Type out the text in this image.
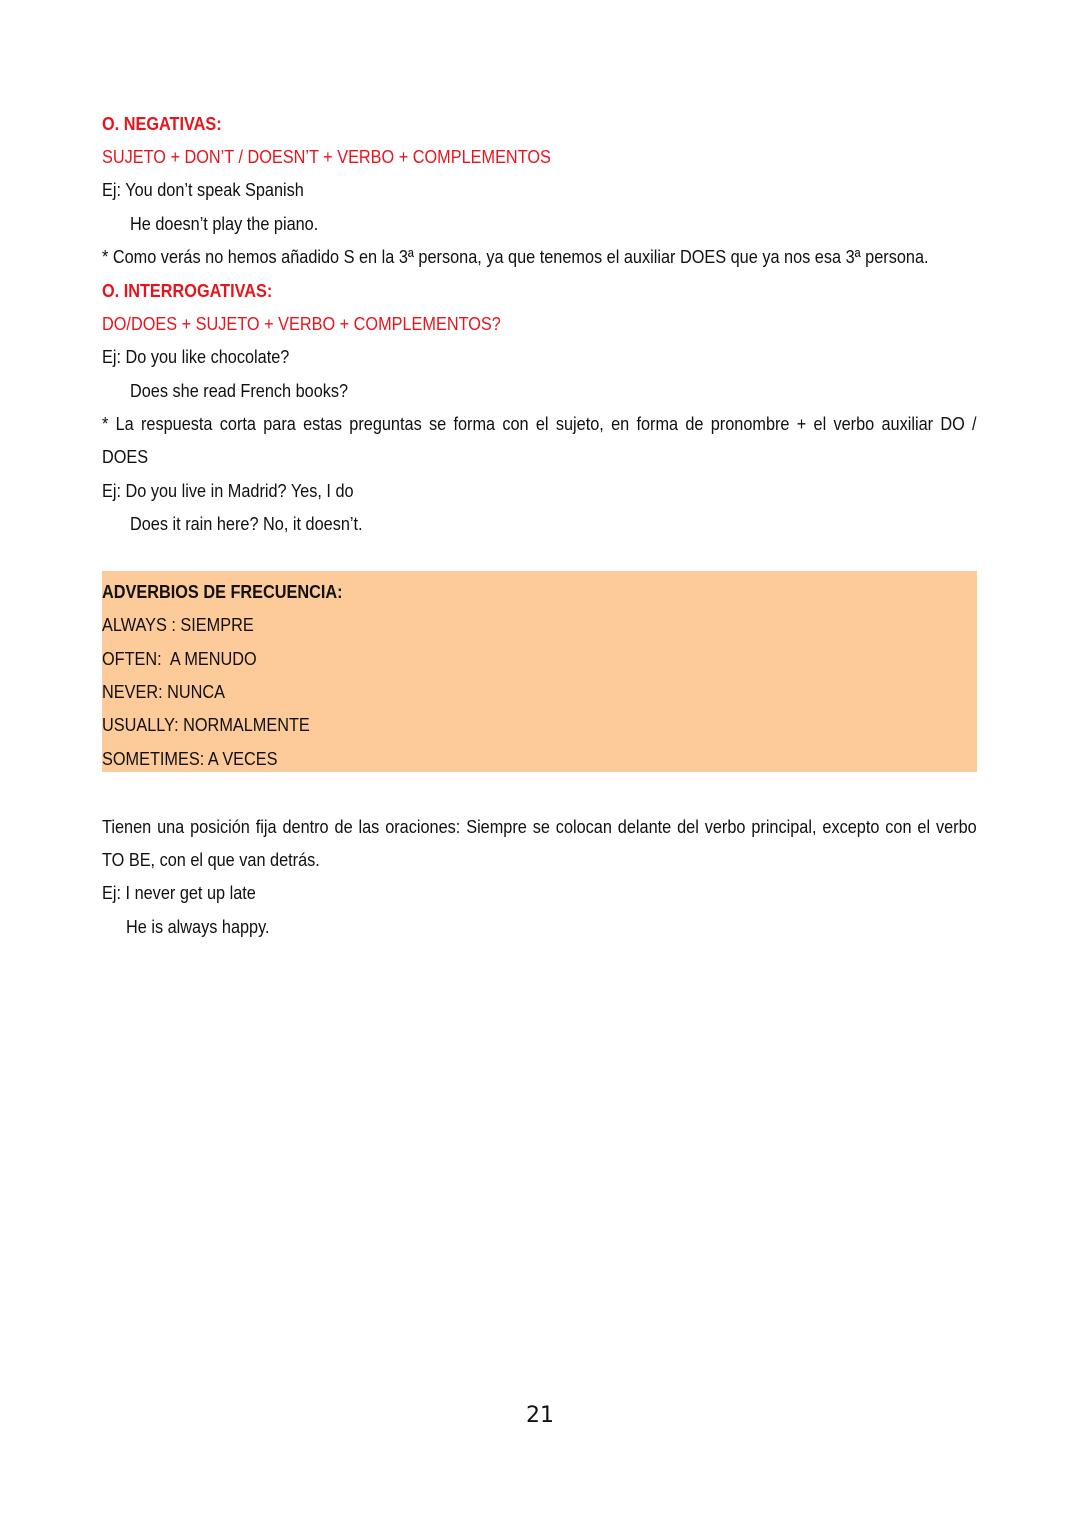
O. NEGATIVAS:
SUJETO + DON’T / DOESN’T + VERBO + COMPLEMENTOS
Ej: You don’t speak Spanish
He doesn’t play the piano.
* Como verás no hemos añadido S en la 3ª persona, ya que tenemos el auxiliar DOES que ya nos esa 3ª persona.
O. INTERROGATIVAS:
DO/DOES + SUJETO + VERBO + COMPLEMENTOS?
Ej: Do you like chocolate?
Does she read French books?
* La respuesta corta para estas preguntas se forma con el sujeto, en forma de pronombre + el verbo auxiliar DO /
DOES
Ej: Do you live in Madrid? Yes, I do
Does it rain here? No, it doesn’t.
ADVERBIOS DE FRECUENCIA:
ALWAYS : SIEMPRE
OFTEN:  A MENUDO
NEVER: NUNCA
USUALLY: NORMALMENTE
SOMETIMES: A VECES
Tienen una posición fija dentro de las oraciones: Siempre se colocan delante del verbo principal, excepto con el verbo
TO BE, con el que van detrás.
Ej: I never get up late
He is always happy.
21
